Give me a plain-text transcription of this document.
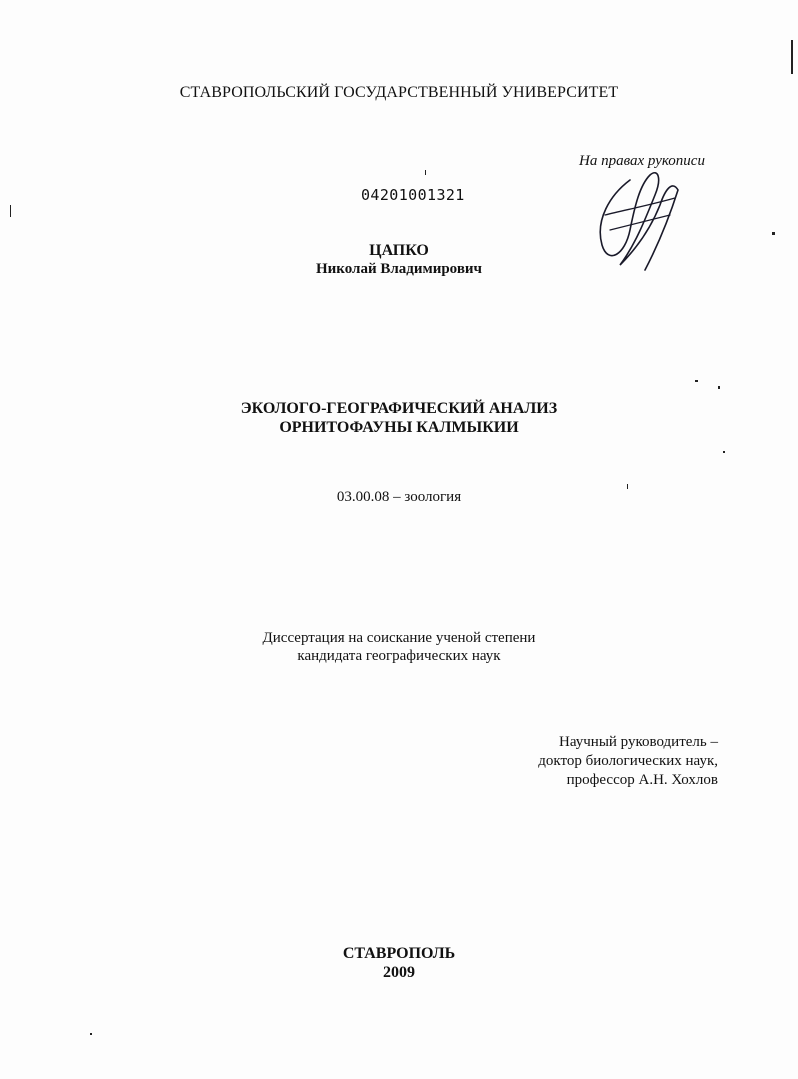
СТАВРОПОЛЬСКИЙ ГОСУДАРСТВЕННЫЙ УНИВЕРСИТЕТ
На правах рукописи
04201001321
ЦАПКО
Николай Владимирович
ЭКОЛОГО-ГЕОГРАФИЧЕСКИЙ АНАЛИЗ
ОРНИТОФАУНЫ КАЛМЫКИИ
03.00.08 – зоология
Диссертация на соискание ученой степени
кандидата географических наук
Научный руководитель –
доктор биологических наук,
профессор А.Н. Хохлов
СТАВРОПОЛЬ
2009
